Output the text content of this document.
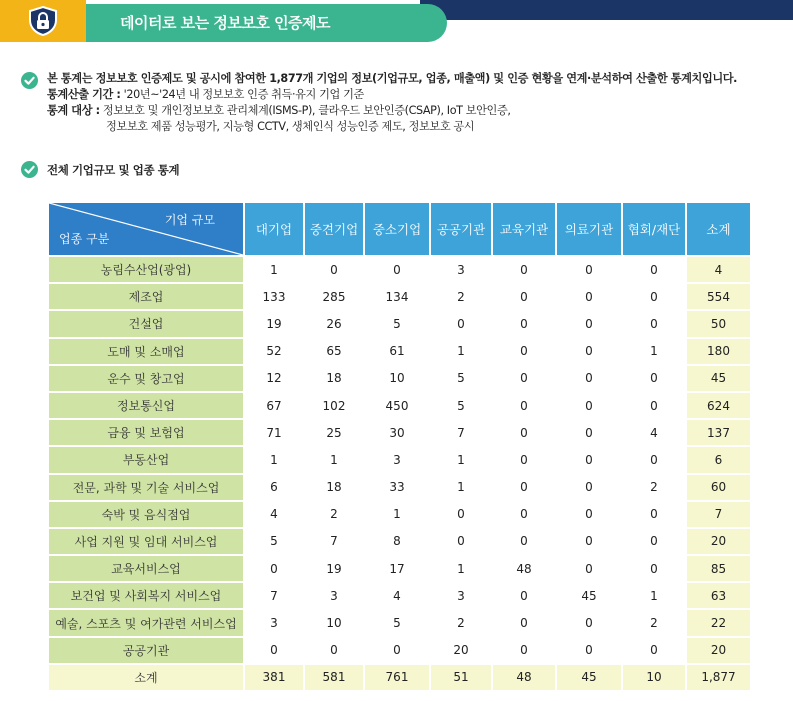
데이터로 보는 정보보호 인증제도
본 통계는 정보보호 인증제도 및 공시에 참여한 1,877개 기업의 정보(기업규모, 업종, 매출액) 및 인증 현황을 연계·분석하여 산출한 통계치입니다.
통계산출 기간 : '20년~'24년 내 정보보호 인증 취득·유지 기업 기준
통계 대상 : 정보보호 및 개인정보보호 관리체계(ISMS-P), 클라우드 보안인증(CSAP), IoT 보안인증,
정보보호 제품 성능평가, 지능형 CCTV, 생체인식 성능인증 제도, 정보보호 공시
전체 기업규모 및 업종 통계
기업 규모
업종 구분	대기업	중견기업	중소기업	공공기관	교육기관	의료기관	협회/재단	소계
농림수산업(광업)	1	0	0	3	0	0	0	4
제조업	133	285	134	2	0	0	0	554
건설업	19	26	5	0	0	0	0	50
도매 및 소매업	52	65	61	1	0	0	1	180
운수 및 창고업	12	18	10	5	0	0	0	45
정보통신업	67	102	450	5	0	0	0	624
금융 및 보험업	71	25	30	7	0	0	4	137
부동산업	1	1	3	1	0	0	0	6
전문, 과학 및 기술 서비스업	6	18	33	1	0	0	2	60
숙박 및 음식점업	4	2	1	0	0	0	0	7
사업 지원 및 임대 서비스업	5	7	8	0	0	0	0	20
교육서비스업	0	19	17	1	48	0	0	85
보건업 및 사회복지 서비스업	7	3	4	3	0	45	1	63
예술, 스포츠 및 여가관련 서비스업	3	10	5	2	0	0	2	22
공공기관	0	0	0	20	0	0	0	20
소계	381	581	761	51	48	45	10	1,877
